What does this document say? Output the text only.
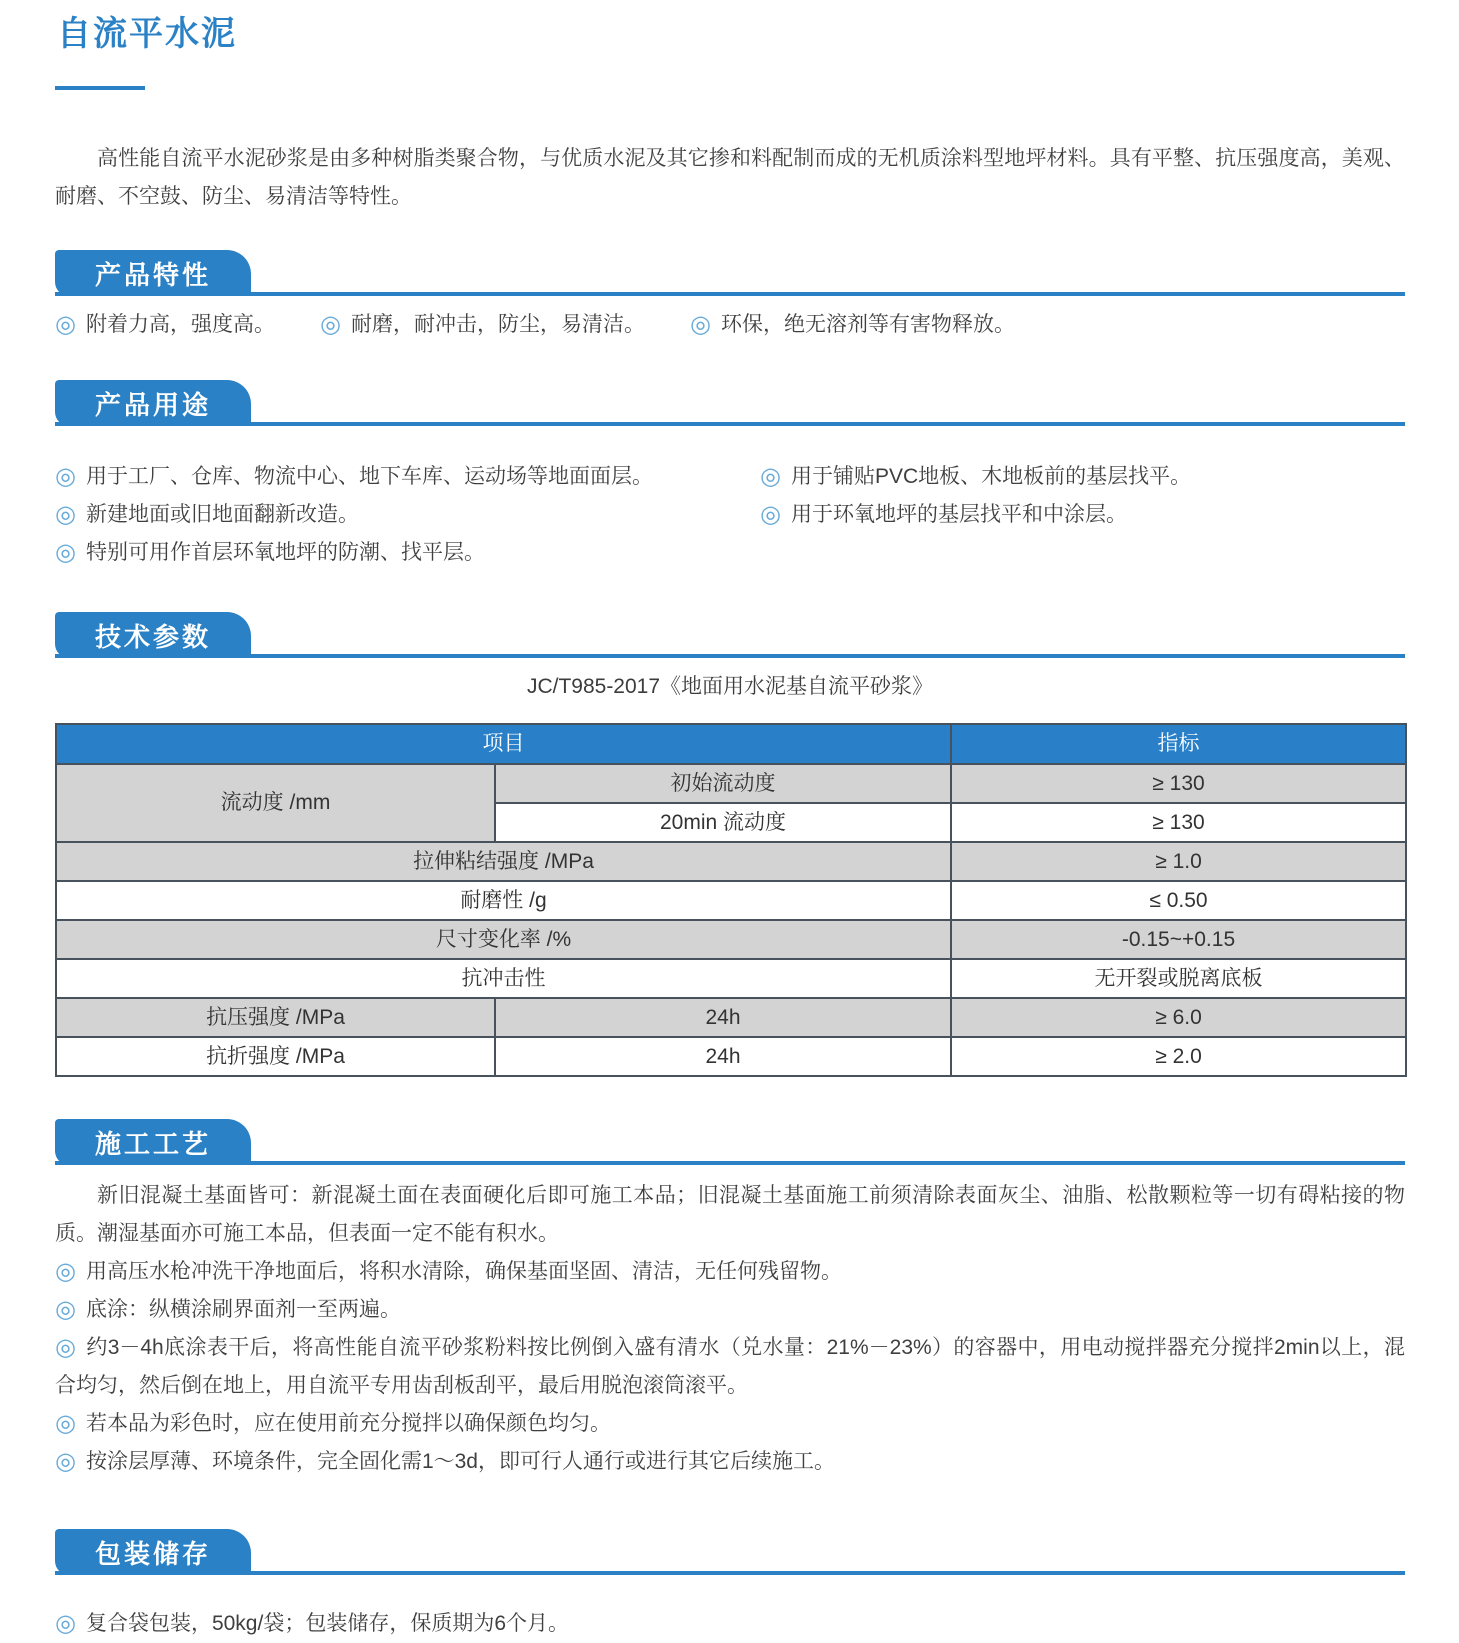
自流平水泥

高性能自流平水泥砂浆是由多种树脂类聚合物，与优质水泥及其它掺和料配制而成的无机质涂料型地坪材料。具有平整、抗压强度高，美观、耐磨、不空鼓、防尘、易清洁等特性。

产品特性

◎ 附着力高，强度高。	◎ 耐磨，耐冲击，防尘，易清洁。	◎ 环保，绝无溶剂等有害物释放。

产品用途

◎ 用于工厂、仓库、物流中心、地下车库、运动场等地面面层。

◎ 新建地面或旧地面翻新改造。

◎ 特别可用作首层环氧地坪的防潮、找平层。

◎ 用于铺贴PVC地板、木地板前的基层找平。

◎ 用于环氧地坪的基层找平和中涂层。

技术参数

JC/T985-2017《地面用水泥基自流平砂浆》

项目		指标
流动度 /mm	初始流动度	≥ 130
	20min 流动度	≥ 130
拉伸粘结强度 /MPa		≥ 1.0
耐磨性 /g		≤ 0.50
尺寸变化率 /%		-0.15~+0.15
抗冲击性		无开裂或脱离底板
抗压强度 /MPa	24h	≥ 6.0
抗折强度 /MPa	24h	≥ 2.0
施工工艺

新旧混凝土基面皆可：新混凝土面在表面硬化后即可施工本品；旧混凝土基面施工前须清除表面灰尘、油脂、松散颗粒等一切有碍粘接的物质。潮湿基面亦可施工本品，但表面一定不能有积水。

◎ 用高压水枪冲洗干净地面后，将积水清除，确保基面坚固、清洁，无任何残留物。

◎ 底涂：纵横涂刷界面剂一至两遍。

◎ 约3－4h底涂表干后，将高性能自流平砂浆粉料按比例倒入盛有清水（兑水量：21%－23%）的容器中，用电动搅拌器充分搅拌2min以上，混合均匀，然后倒在地上，用自流平专用齿刮板刮平，最后用脱泡滚筒滚平。

◎ 若本品为彩色时，应在使用前充分搅拌以确保颜色均匀。

◎ 按涂层厚薄、环境条件，完全固化需1～3d，即可行人通行或进行其它后续施工。

包装储存

◎ 复合袋包装，50kg/袋；包装储存，保质期为6个月。
